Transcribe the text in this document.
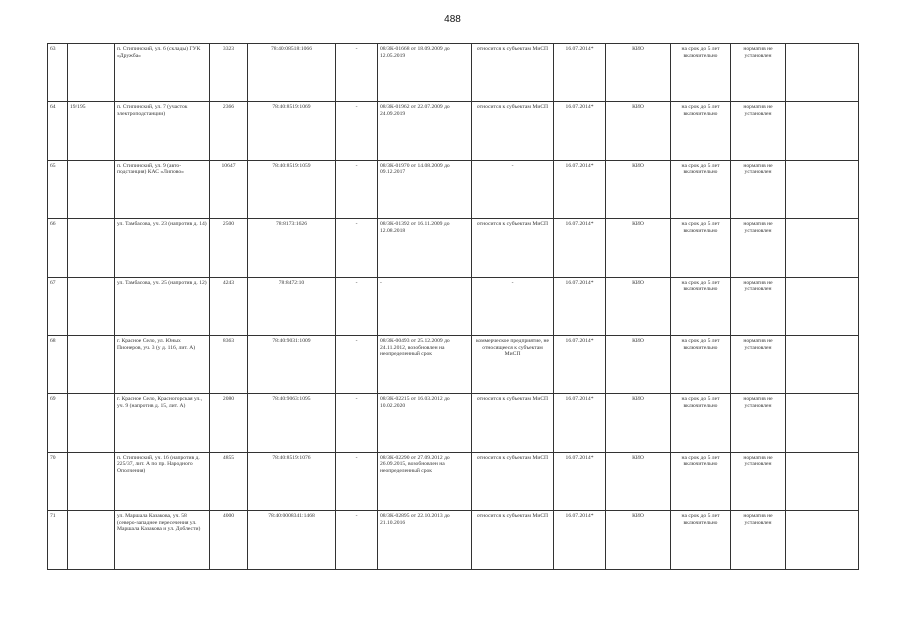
488
63		п. Стипинский, ул. 6 (склады) ГУК «Дружба»	3323	78:40:08518:1066	-	08/ЗК-01668 от 18.09.2009 до 12.05.2019	относится к субъектам МиСП	16.07.2014*	КИО	на срок до 5 лет включительно	норматив не установлен	
64	19/195	п. Стипинский, ул. 7 (участок электроподстанции)	2366	78:40:8519:1069	-	08/ЗК-01962 от 22.07.2009 до 24.09.2019	относится к субъектам МиСП	16.07.2014*	КИО	на срок до 5 лет включительно	норматив не установлен	
65		п. Стипинский, ул. 9 (авто-подстанция) КАС «Липово»	10647	78:40:8519:1059	-	08/ЗК-01970 от 14.08.2009 до 09.12.2017	-	16.07.2014*	КИО	на срок до 5 лет включительно	норматив не установлен	
66		ул. Тамбасова, уч. 23 (напротив д. 14)	2500	78:8173:1626	-	08/ЗК-01392 от 16.11.2009 до 12.08.2018	относится к субъектам МиСП	16.07.2014*	КИО	на срок до 5 лет включительно	норматив не установлен	
67		ул. Тамбасова, уч. 25 (напротив д. 12)	4243	78:8472:10	-	-	-	16.07.2014*	КИО	на срок до 5 лет включительно	норматив не установлен	
68		г. Красное Село, ул. Юных Пионеров, уч. 3 (у д. 116, лит. А)	8363	78:40:9031:1009	-	08/ЗК-00493 от 25.12.2009 до 24.11.2012, возобновлен на неопределенный срок	коммерческое предприятие, не относящееся к субъектам МиСП	16.07.2014*	КИО	на срок до 5 лет включительно	норматив не установлен	
69		г. Красное Село, Красногорская ул., уч. 9 (напротив д. 15, лит. А)	2080	78:40:9063:1095	-	08/ЗК-02215 от 16.03.2012 до 10.02.2020	относится к субъектам МиСП	16.07.2014*	КИО	на срок до 5 лет включительно	норматив не установлен	
70		п. Стипинский, уч. 16 (напротив д. 225/37, лит. А по пр. Народного Ополчения)	4855	78:40:8519:1076	-	08/ЗК-02290 от 27.09.2012 до 26.09.2015, возобновлен на неопределенный срок	относится к субъектам МиСП	16.07.2014*	КИО	на срок до 5 лет включительно	норматив не установлен	
71		ул. Маршала Казакова, уч. 58 (северо-западнее пересечения ул. Маршала Казакова и ул. Доблести)	4000	78:40:0008341:1468	-	08/ЗК-02895 от 22.10.2013 до 21.10.2016	относится к субъектам МиСП	16.07.2014*	КИО	на срок до 5 лет включительно	норматив не установлен	
